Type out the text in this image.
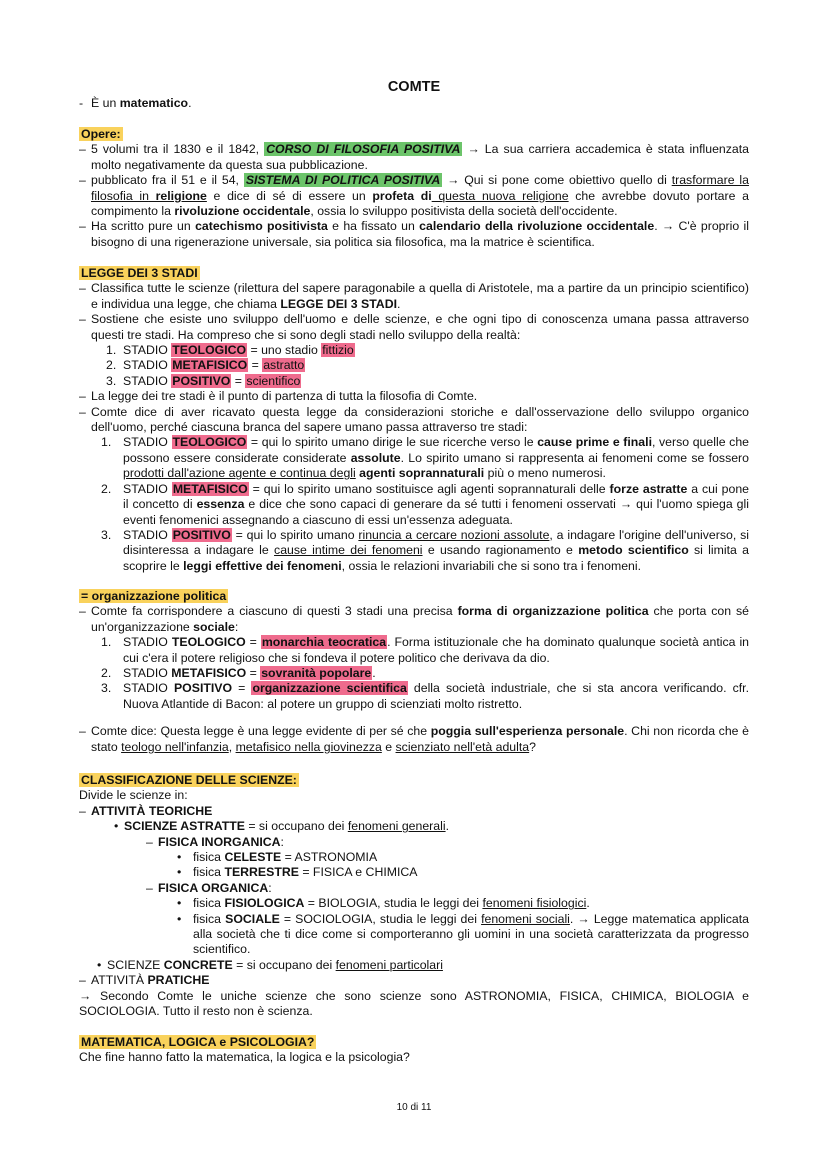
COMTE
- È un matematico.
Opere:
‒ 5 volumi tra il 1830 e il 1842, CORSO DI FILOSOFIA POSITIVA → La sua carriera accademica è stata influenzata molto negativamente da questa sua pubblicazione.
‒ pubblicato fra il 51 e il 54, SISTEMA DI POLITICA POSITIVA → Qui si pone come obiettivo quello di trasformare la filosofia in religione e dice di sé di essere un profeta di questa nuova religione che avrebbe dovuto portare a compimento la rivoluzione occidentale, ossia lo sviluppo positivista della società dell'occidente.
‒ Ha scritto pure un catechismo positivista e ha fissato un calendario della rivoluzione occidentale. → C'è proprio il bisogno di una rigenerazione universale, sia politica sia filosofica, ma la matrice è scientifica.
LEGGE DEI 3 STADI
‒ Classifica tutte le scienze (rilettura del sapere paragonabile a quella di Aristotele, ma a partire da un principio scientifico) e individua una legge, che chiama LEGGE DEI 3 STADI.
‒ Sostiene che esiste uno sviluppo dell'uomo e delle scienze, e che ogni tipo di conoscenza umana passa attraverso questi tre stadi. Ha compreso che si sono degli stadi nello sviluppo della realtà:
1. STADIO TEOLOGICO = uno stadio fittizio
2. STADIO METAFISICO = astratto
3. STADIO POSITIVO = scientifico
‒ La legge dei tre stadi è il punto di partenza di tutta la filosofia di Comte.
‒ Comte dice di aver ricavato questa legge da considerazioni storiche e dall'osservazione dello sviluppo organico dell'uomo, perché ciascuna branca del sapere umano passa attraverso tre stadi:
1. STADIO TEOLOGICO = qui lo spirito umano dirige le sue ricerche verso le cause prime e finali, verso quelle che possono essere considerate considerate assolute. Lo spirito umano si rappresenta ai fenomeni come se fossero prodotti dall'azione agente e continua degli agenti soprannaturali più o meno numerosi.
2. STADIO METAFISICO = qui lo spirito umano sostituisce agli agenti soprannaturali delle forze astratte a cui pone il concetto di essenza e dice che sono capaci di generare da sé tutti i fenomeni osservati → qui l'uomo spiega gli eventi fenomenici assegnando a ciascuno di essi un'essenza adeguata.
3. STADIO POSITIVO = qui lo spirito umano rinuncia a cercare nozioni assolute, a indagare l'origine dell'universo, si disinteressa a indagare le cause intime dei fenomeni e usando ragionamento e metodo scientifico si limita a scoprire le leggi effettive dei fenomeni, ossia le relazioni invariabili che si sono tra i fenomeni.
= organizzazione politica
‒ Comte fa corrispondere a ciascuno di questi 3 stadi una precisa forma di organizzazione politica che porta con sé un'organizzazione sociale:
1. STADIO TEOLOGICO = monarchia teocratica. Forma istituzionale che ha dominato qualunque società antica in cui c'era il potere religioso che si fondeva il potere politico che derivava da dio.
2. STADIO METAFISICO = sovranità popolare.
3. STADIO POSITIVO = organizzazione scientifica della società industriale, che si sta ancora verificando. cfr. Nuova Atlantide di Bacon: al potere un gruppo di scienziati molto ristretto.
‒ Comte dice: Questa legge è una legge evidente di per sé che poggia sull'esperienza personale. Chi non ricorda che è stato teologo nell'infanzia, metafisico nella giovinezza e scienziato nell'età adulta?
CLASSIFICAZIONE DELLE SCIENZE:
Divide le scienze in:
‒ ATTIVITÀ TEORICHE
• SCIENZE ASTRATTE = si occupano dei fenomeni generali.
‒ FISICA INORGANICA:
• fisica CELESTE = ASTRONOMIA
• fisica TERRESTRE = FISICA e CHIMICA
‒ FISICA ORGANICA:
• fisica FISIOLOGICA = BIOLOGIA, studia le leggi dei fenomeni fisiologici.
• fisica SOCIALE = SOCIOLOGIA, studia le leggi dei fenomeni sociali. → Legge matematica applicata alla società che ti dice come si comporteranno gli uomini in una società caratterizzata da progresso scientifico.
• SCIENZE CONCRETE = si occupano dei fenomeni particolari
‒ ATTIVITÀ PRATICHE
→ Secondo Comte le uniche scienze che sono scienze sono ASTRONOMIA, FISICA, CHIMICA, BIOLOGIA e SOCIOLOGIA. Tutto il resto non è scienza.
MATEMATICA, LOGICA e PSICOLOGIA?
Che fine hanno fatto la matematica, la logica e la psicologia?
10 di 11
